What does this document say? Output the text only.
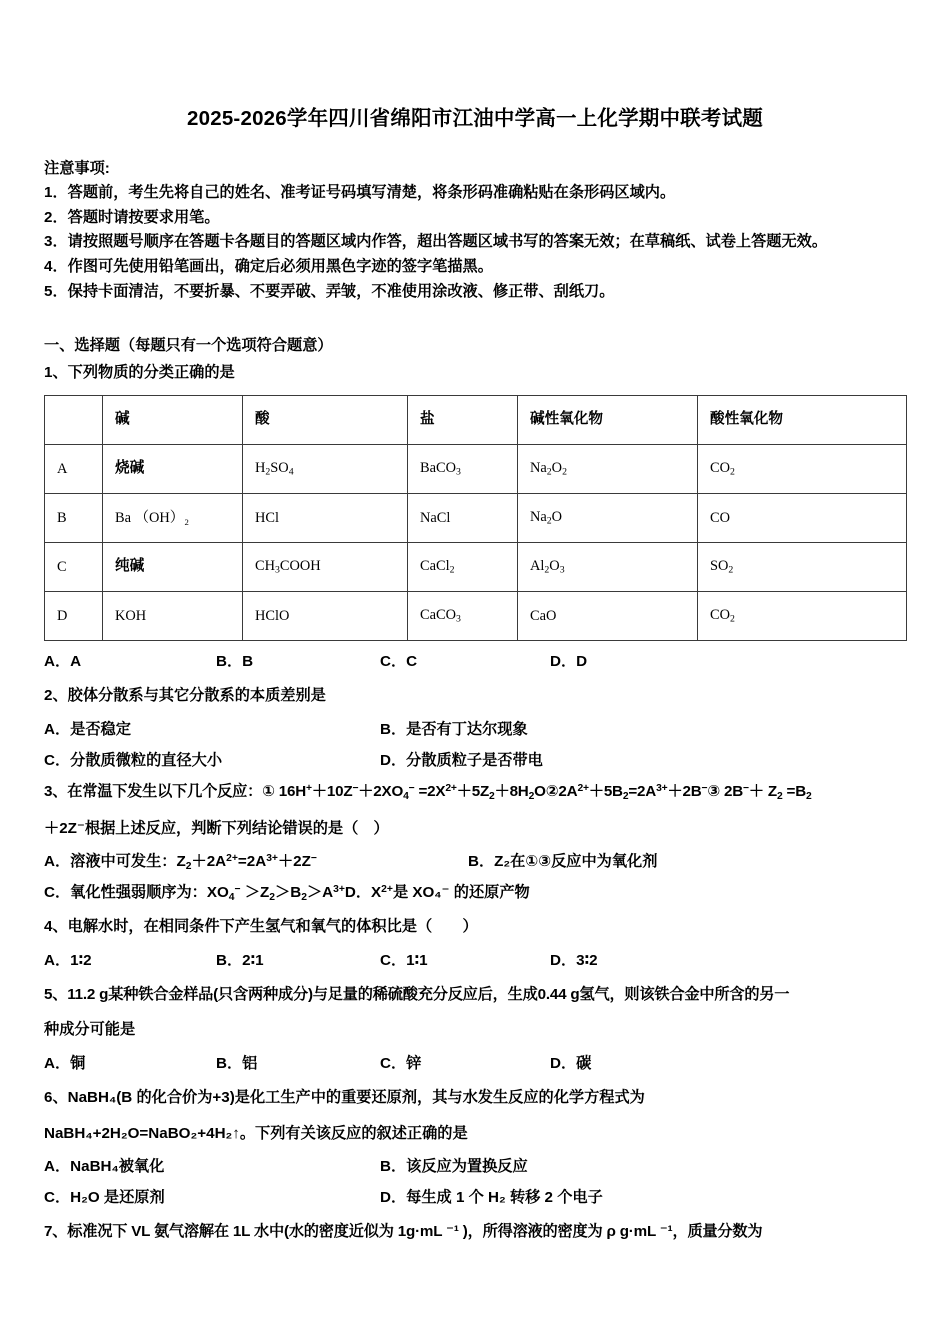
2025-2026学年四川省绵阳市江油中学高一上化学期中联考试题
注意事项:
1．答题前，考生先将自己的姓名、准考证号码填写清楚，将条形码准确粘贴在条形码区域内。
2．答题时请按要求用笔。
3．请按照题号顺序在答题卡各题目的答题区域内作答，超出答题区域书写的答案无效；在草稿纸、试卷上答题无效。
4．作图可先使用铅笔画出，确定后必须用黑色字迹的签字笔描黑。
5．保持卡面清洁，不要折暴、不要弄破、弄皱，不准使用涂改液、修正带、刮纸刀。
一、选择题（每题只有一个选项符合题意）
1、下列物质的分类正确的是
	碱	酸	盐	碱性氧化物	酸性氧化物
A	烧碱	$H_2SO_4$	BaCO$_3$	$Na_2O_2$	$CO_2$
B	Ba （OH）₂	HCl	NaCl	$Na_2O$	CO
C	纯碱	$CH_3COOH$	CaCl$_2$	$Al_2O_3$	$SO_2$
D	KOH	HClO	CaCO$_3$	CaO	$CO_2$
A．A	B．B	C．C	D．D
2、胶体分散系与其它分散系的本质差别是
A．是否稳定	B．是否有丁达尔现象
C．分散质微粒的直径大小	D．分散质粒子是否带电
3、在常温下发生以下几个反应：① $16H^++10Z^-+2XO_4^-$ $=2X^{2+}+5Z_2+8H_2O②2A^{2+}+5B_2=2A^{3+}+2B^-③$ $2B^-+ Z_2 =B_2$
＋2Z⁻根据上述反应，判断下列结论错误的是（　）
A．溶液中可发生：$Z_2+2A^{2+}=2A^{3+}+2Z^-$	B．Z₂在①③反应中为氧化剂
C．氧化性强弱顺序为：$XO_4^- >Z_2>B_2>A^{3+}D$．$X^{2+}$是 XO₄⁻ 的还原产物
4、电解水时，在相同条件下产生氢气和氧气的体积比是（　　）
A．1∶2	B．2∶1	C．1∶1	D．3∶2
5、11.2 g某种铁合金样品(只含两种成分)与足量的稀硫酸充分反应后，生成0.44 g氢气，则该铁合金中所含的另一
种成分可能是
A．铜	B．铝	C．锌	D．碳
6、NaBH₄(B 的化合价为+3)是化工生产中的重要还原剂，其与水发生反应的化学方程式为
NaBH₄+2H₂O=NaBO₂+4H₂↑。下列有关该反应的叙述正确的是
A．NaBH₄被氧化	B．该反应为置换反应
C．H₂O 是还原剂	D．每生成 1 个 H₂ 转移 2 个电子
7、标准况下 VL 氨气溶解在 1L 水中(水的密度近似为 1g·mL ⁻¹ )，所得溶液的密度为 ρ g·mL ⁻¹，质量分数为
